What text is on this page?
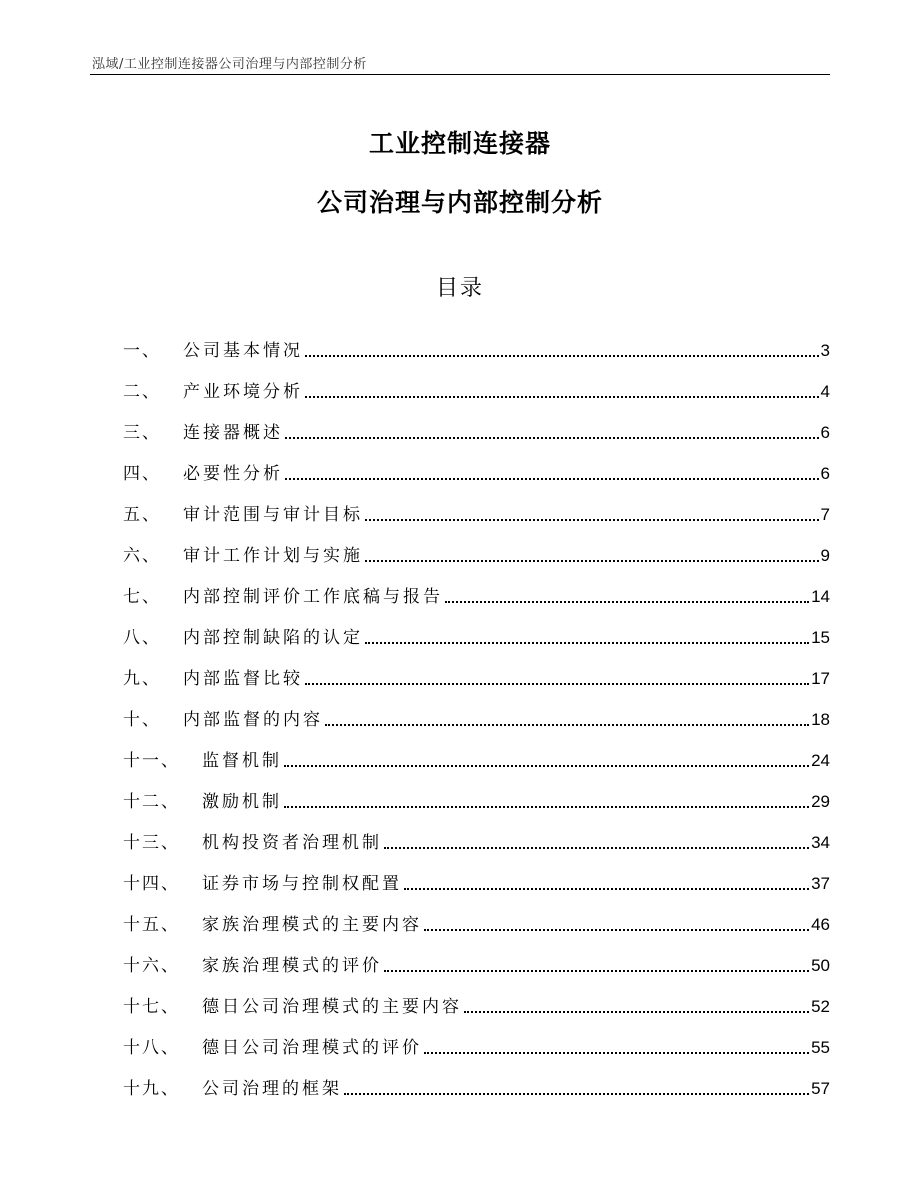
泓域/工业控制连接器公司治理与内部控制分析
工业控制连接器
公司治理与内部控制分析
目录
一、 公司基本情况	3
二、 产业环境分析	4
三、 连接器概述	6
四、 必要性分析	6
五、 审计范围与审计目标	7
六、 审计工作计划与实施	9
七、 内部控制评价工作底稿与报告	14
八、 内部控制缺陷的认定	15
九、 内部监督比较	17
十、 内部监督的内容	18
十一、 监督机制	24
十二、 激励机制	29
十三、 机构投资者治理机制	34
十四、 证券市场与控制权配置	37
十五、 家族治理模式的主要内容	46
十六、 家族治理模式的评价	50
十七、 德日公司治理模式的主要内容	52
十八、 德日公司治理模式的评价	55
十九、 公司治理的框架	57
